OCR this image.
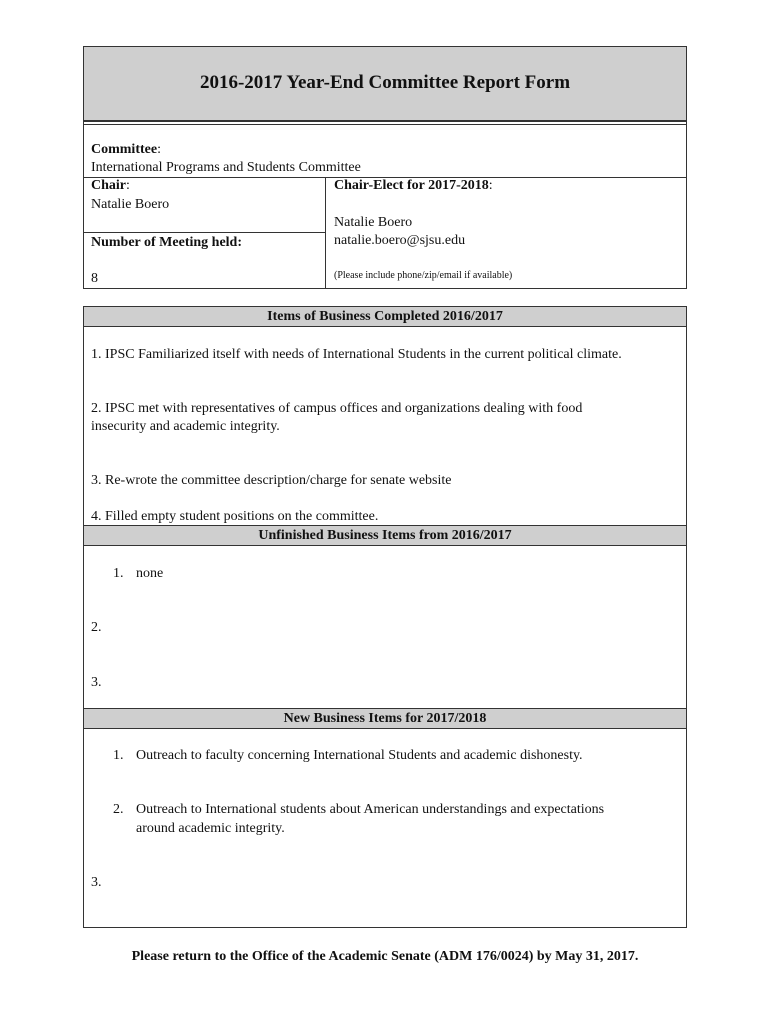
2016-2017 Year-End Committee Report Form
Committee:
International Programs and Students Committee
Chair:
Natalie Boero
Number of Meeting held:
8
Chair-Elect for 2017-2018:
Natalie Boero
natalie.boero@sjsu.edu
(Please include phone/zip/email if available)
Items of Business Completed 2016/2017
1. IPSC Familiarized itself with needs of International Students in the current political climate.
2. IPSC met with representatives of campus offices and organizations dealing with food
insecurity and academic integrity.
3. Re-wrote the committee description/charge for senate website
4. Filled empty student positions on the committee.
Unfinished Business Items from 2016/2017
1. none
2.
3.
New Business Items for 2017/2018
1. Outreach to faculty concerning International Students and academic dishonesty.
2. Outreach to International students about American understandings and expectations
around academic integrity.
3.
Please return to the Office of the Academic Senate (ADM 176/0024) by May 31, 2017.
